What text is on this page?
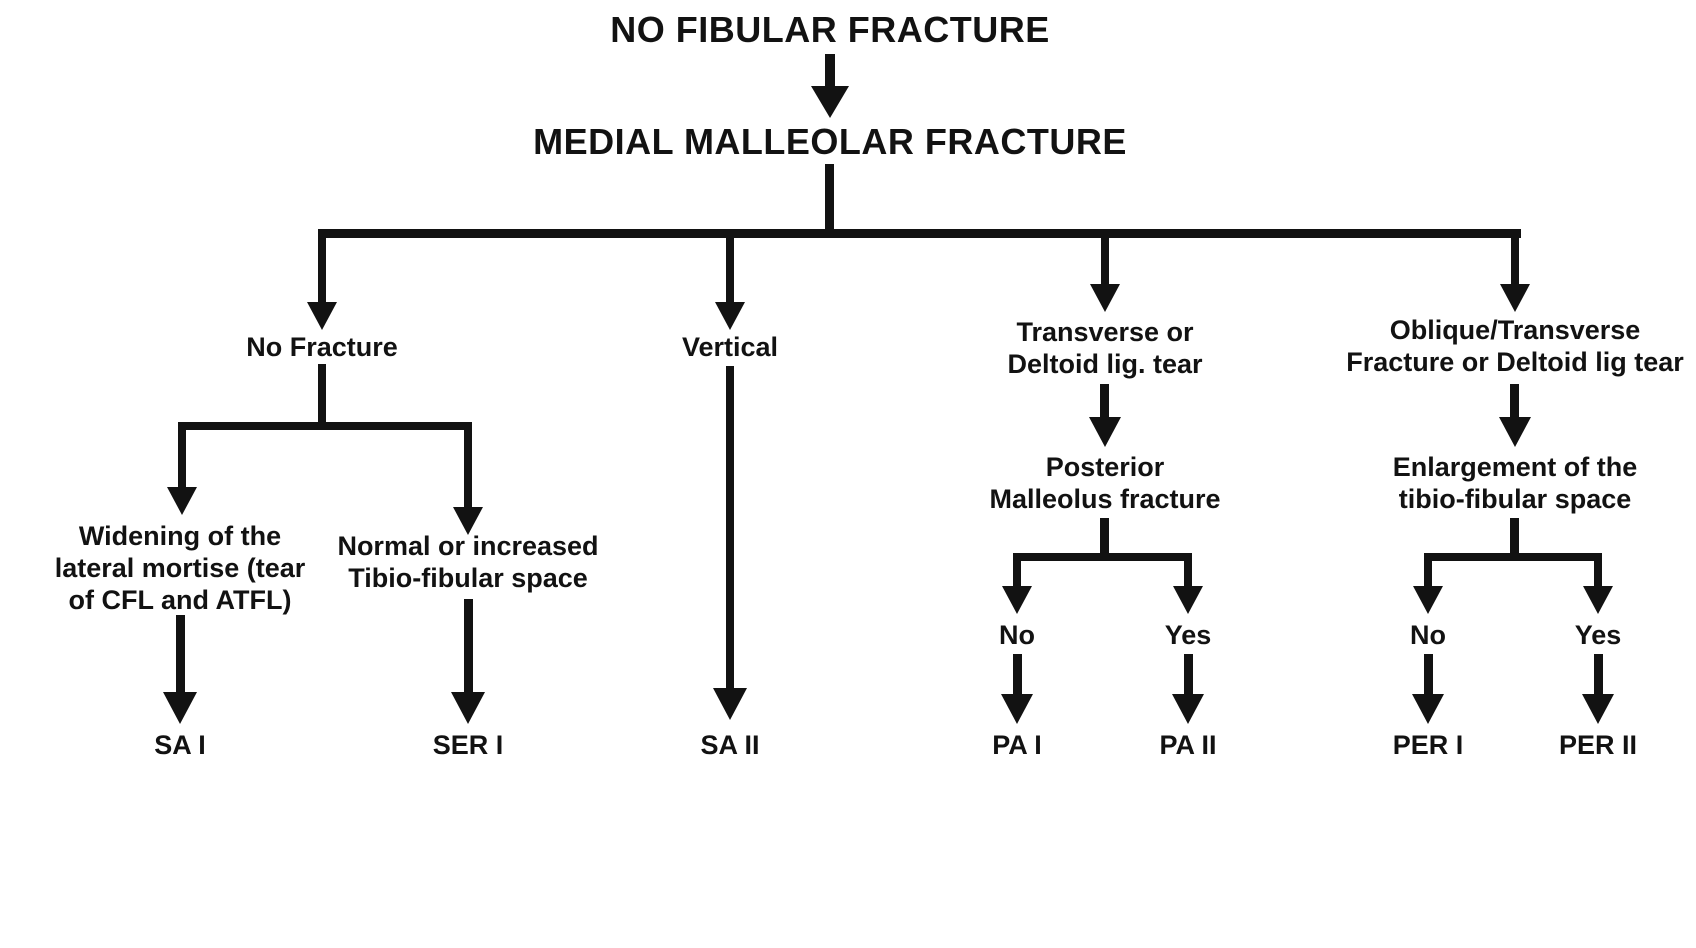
NO FIBULAR FRACTURE
MEDIAL MALLEOLAR FRACTURE
No Fracture	Vertical	Transverse or
Deltoid lig. tear
Oblique/Transverse
Fracture or Deltoid lig tear
Widening of the
lateral mortise (tear
of CFL and ATFL)
Normal or increased
Tibio-fibular space
SA I	SER I	SA II
Posterior
Malleolus fracture
No	Yes
PA I	PA II
Enlargement of the
tibio-fibular space
No	Yes
PER I	PER II
